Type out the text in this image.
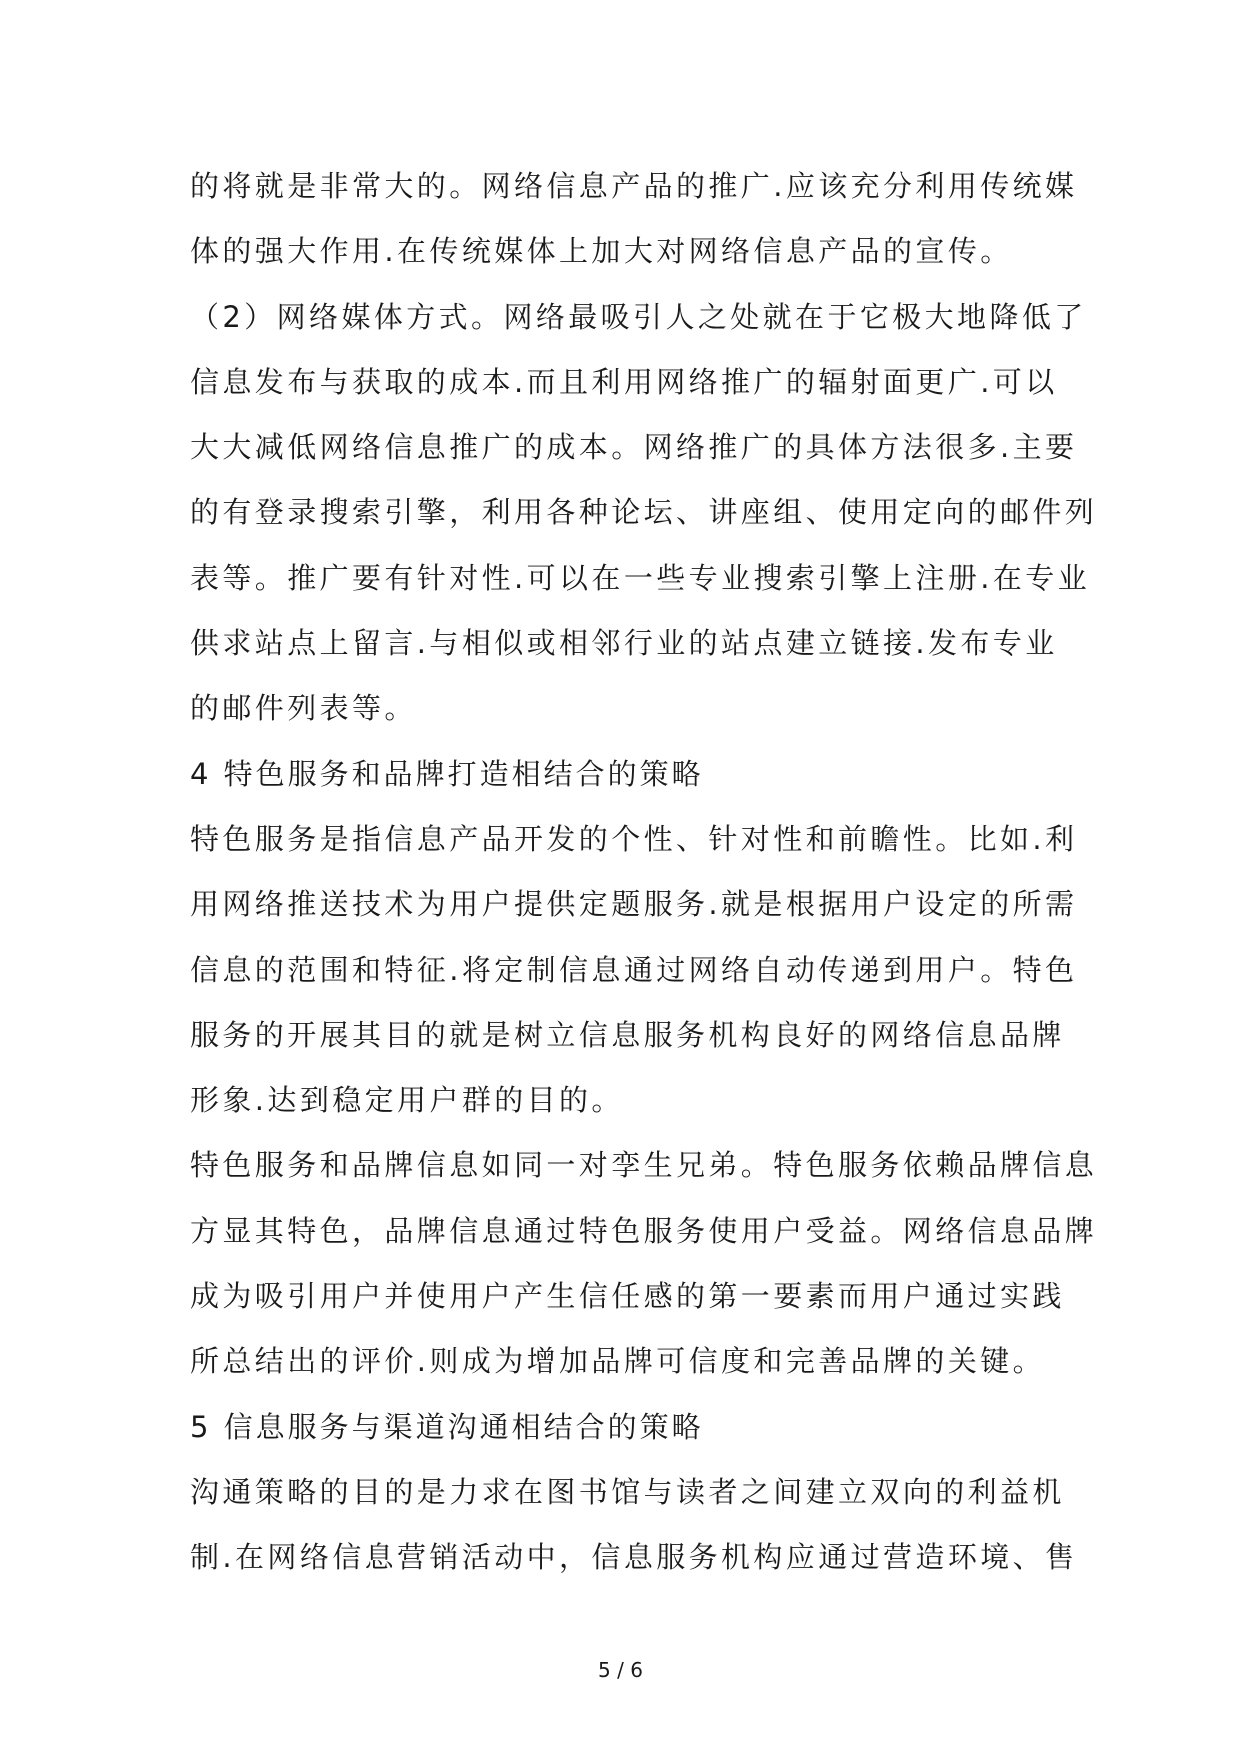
的将就是非常大的。网络信息产品的推广.应该充分利用传统媒
体的强大作用.在传统媒体上加大对网络信息产品的宣传。
（2）网络媒体方式。网络最吸引人之处就在于它极大地降低了
信息发布与获取的成本.而且利用网络推广的辐射面更广.可以
大大减低网络信息推广的成本。网络推广的具体方法很多.主要
的有登录搜索引擎，利用各种论坛、讲座组、使用定向的邮件列
表等。推广要有针对性.可以在一些专业搜索引擎上注册.在专业
供求站点上留言.与相似或相邻行业的站点建立链接.发布专业
的邮件列表等。
4 特色服务和品牌打造相结合的策略
特色服务是指信息产品开发的个性、针对性和前瞻性。比如.利
用网络推送技术为用户提供定题服务.就是根据用户设定的所需
信息的范围和特征.将定制信息通过网络自动传递到用户。特色
服务的开展其目的就是树立信息服务机构良好的网络信息品牌
形象.达到稳定用户群的目的。
特色服务和品牌信息如同一对孪生兄弟。特色服务依赖品牌信息
方显其特色，品牌信息通过特色服务使用户受益。网络信息品牌
成为吸引用户并使用户产生信任感的第一要素而用户通过实践
所总结出的评价.则成为增加品牌可信度和完善品牌的关键。
5 信息服务与渠道沟通相结合的策略
沟通策略的目的是力求在图书馆与读者之间建立双向的利益机
制.在网络信息营销活动中，信息服务机构应通过营造环境、售
5 / 6
